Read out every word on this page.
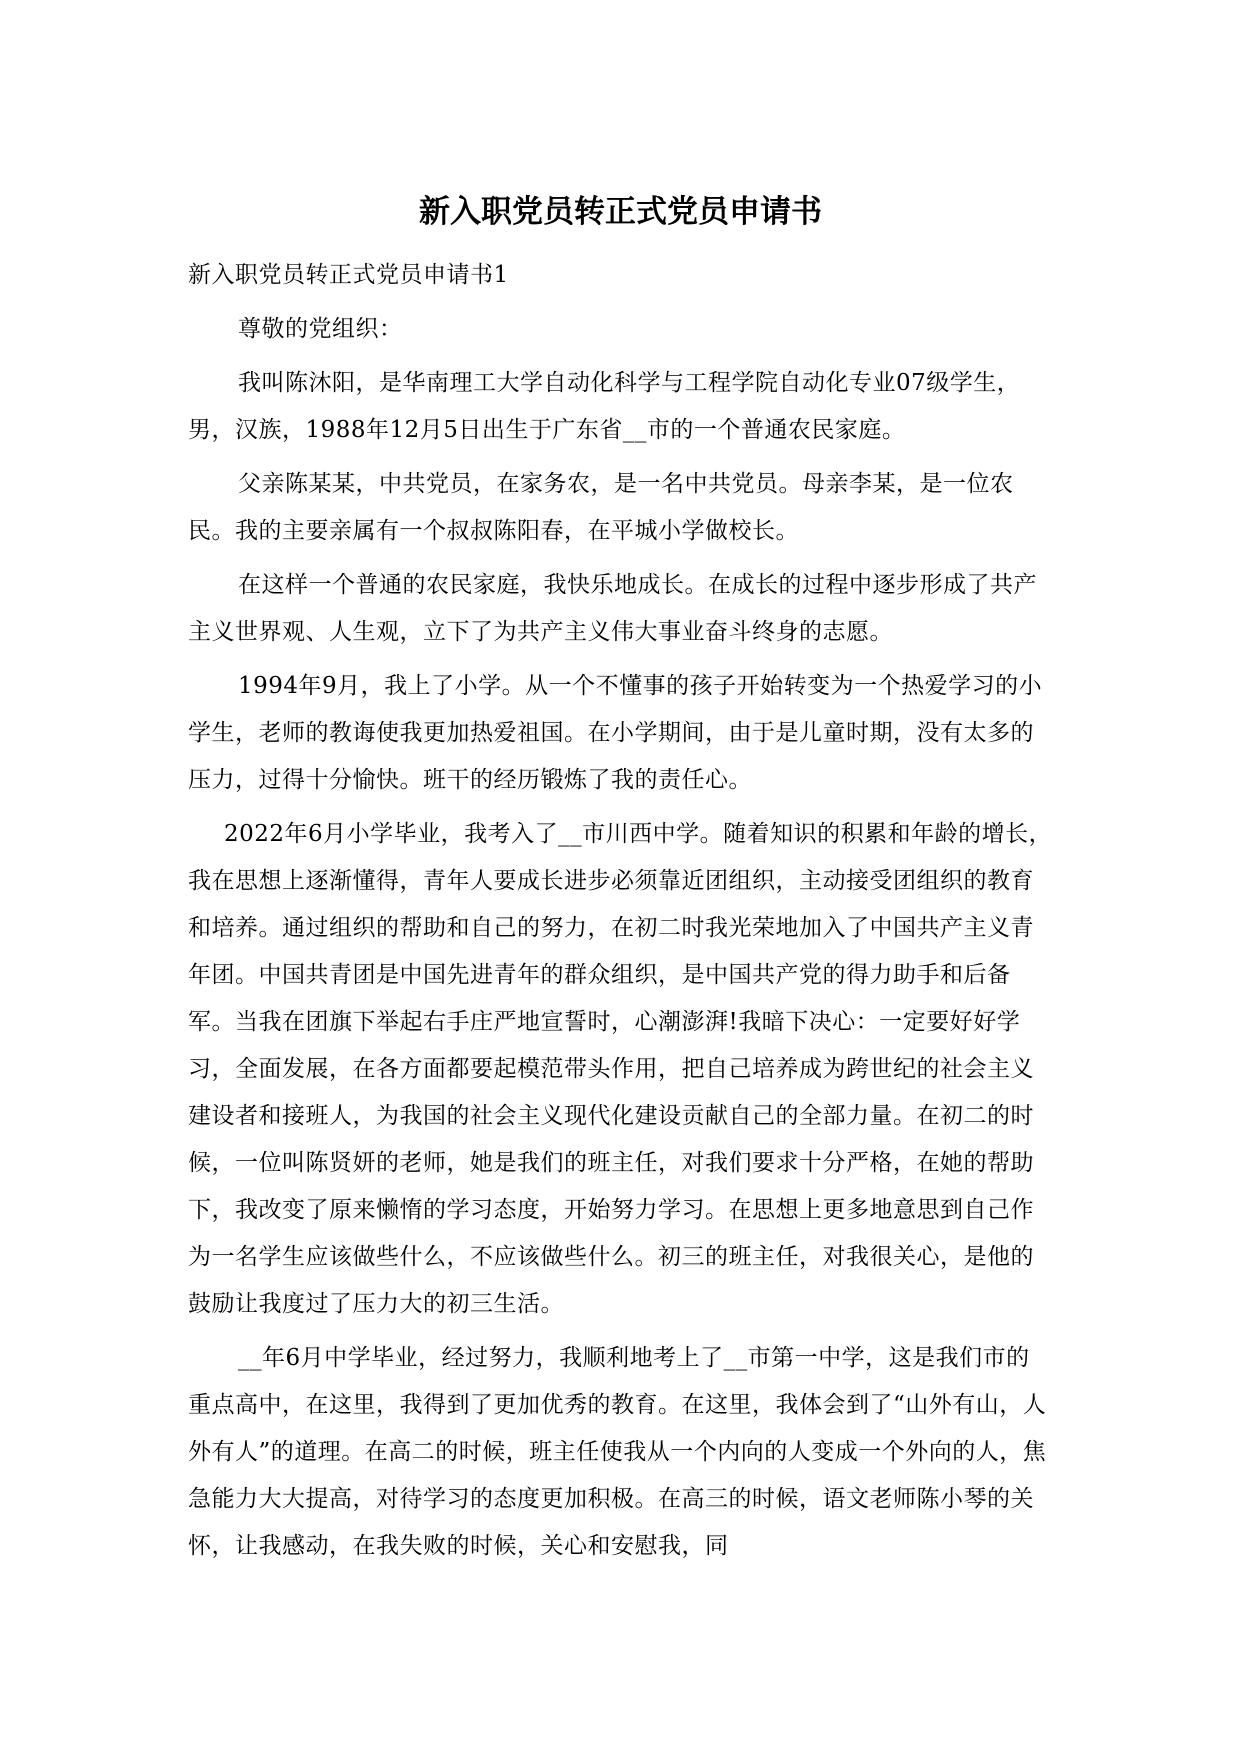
新入职党员转正式党员申请书

新入职党员转正式党员申请书1

尊敬的党组织：

我叫陈沐阳，是华南理工大学自动化科学与工程学院自动化专业07级学生，男，汉族，1988年12月5日出生于广东省__市的一个普通农民家庭。

父亲陈某某，中共党员，在家务农，是一名中共党员。母亲李某，是一位农民。我的主要亲属有一个叔叔陈阳春，在平城小学做校长。

在这样一个普通的农民家庭，我快乐地成长。在成长的过程中逐步形成了共产主义世界观、人生观，立下了为共产主义伟大事业奋斗终身的志愿。

1994年9月，我上了小学。从一个不懂事的孩子开始转变为一个热爱学习的小学生，老师的教诲使我更加热爱祖国。在小学期间，由于是儿童时期，没有太多的压力，过得十分愉快。班干的经历锻炼了我的责任心。

2022年6月小学毕业，我考入了__市川西中学。随着知识的积累和年龄的增长，我在思想上逐渐懂得，青年人要成长进步必须靠近团组织，主动接受团组织的教育和培养。通过组织的帮助和自己的努力，在初二时我光荣地加入了中国共产主义青年团。中国共青团是中国先进青年的群众组织，是中国共产党的得力助手和后备军。当我在团旗下举起右手庄严地宣誓时，心潮澎湃!我暗下决心：一定要好好学习，全面发展，在各方面都要起模范带头作用，把自己培养成为跨世纪的社会主义建设者和接班人，为我国的社会主义现代化建设贡献自己的全部力量。在初二的时候，一位叫陈贤妍的老师，她是我们的班主任，对我们要求十分严格，在她的帮助下，我改变了原来懒惰的学习态度，开始努力学习。在思想上更多地意思到自己作为一名学生应该做些什么，不应该做些什么。初三的班主任，对我很关心，是他的鼓励让我度过了压力大的初三生活。

__年6月中学毕业，经过努力，我顺利地考上了__市第一中学，这是我们市的重点高中，在这里，我得到了更加优秀的教育。在这里，我体会到了“山外有山，人外有人”的道理。在高二的时候，班主任使我从一个内向的人变成一个外向的人，焦急能力大大提高，对待学习的态度更加积极。在高三的时候，语文老师陈小琴的关怀，让我感动，在我失败的时候，关心和安慰我，同
